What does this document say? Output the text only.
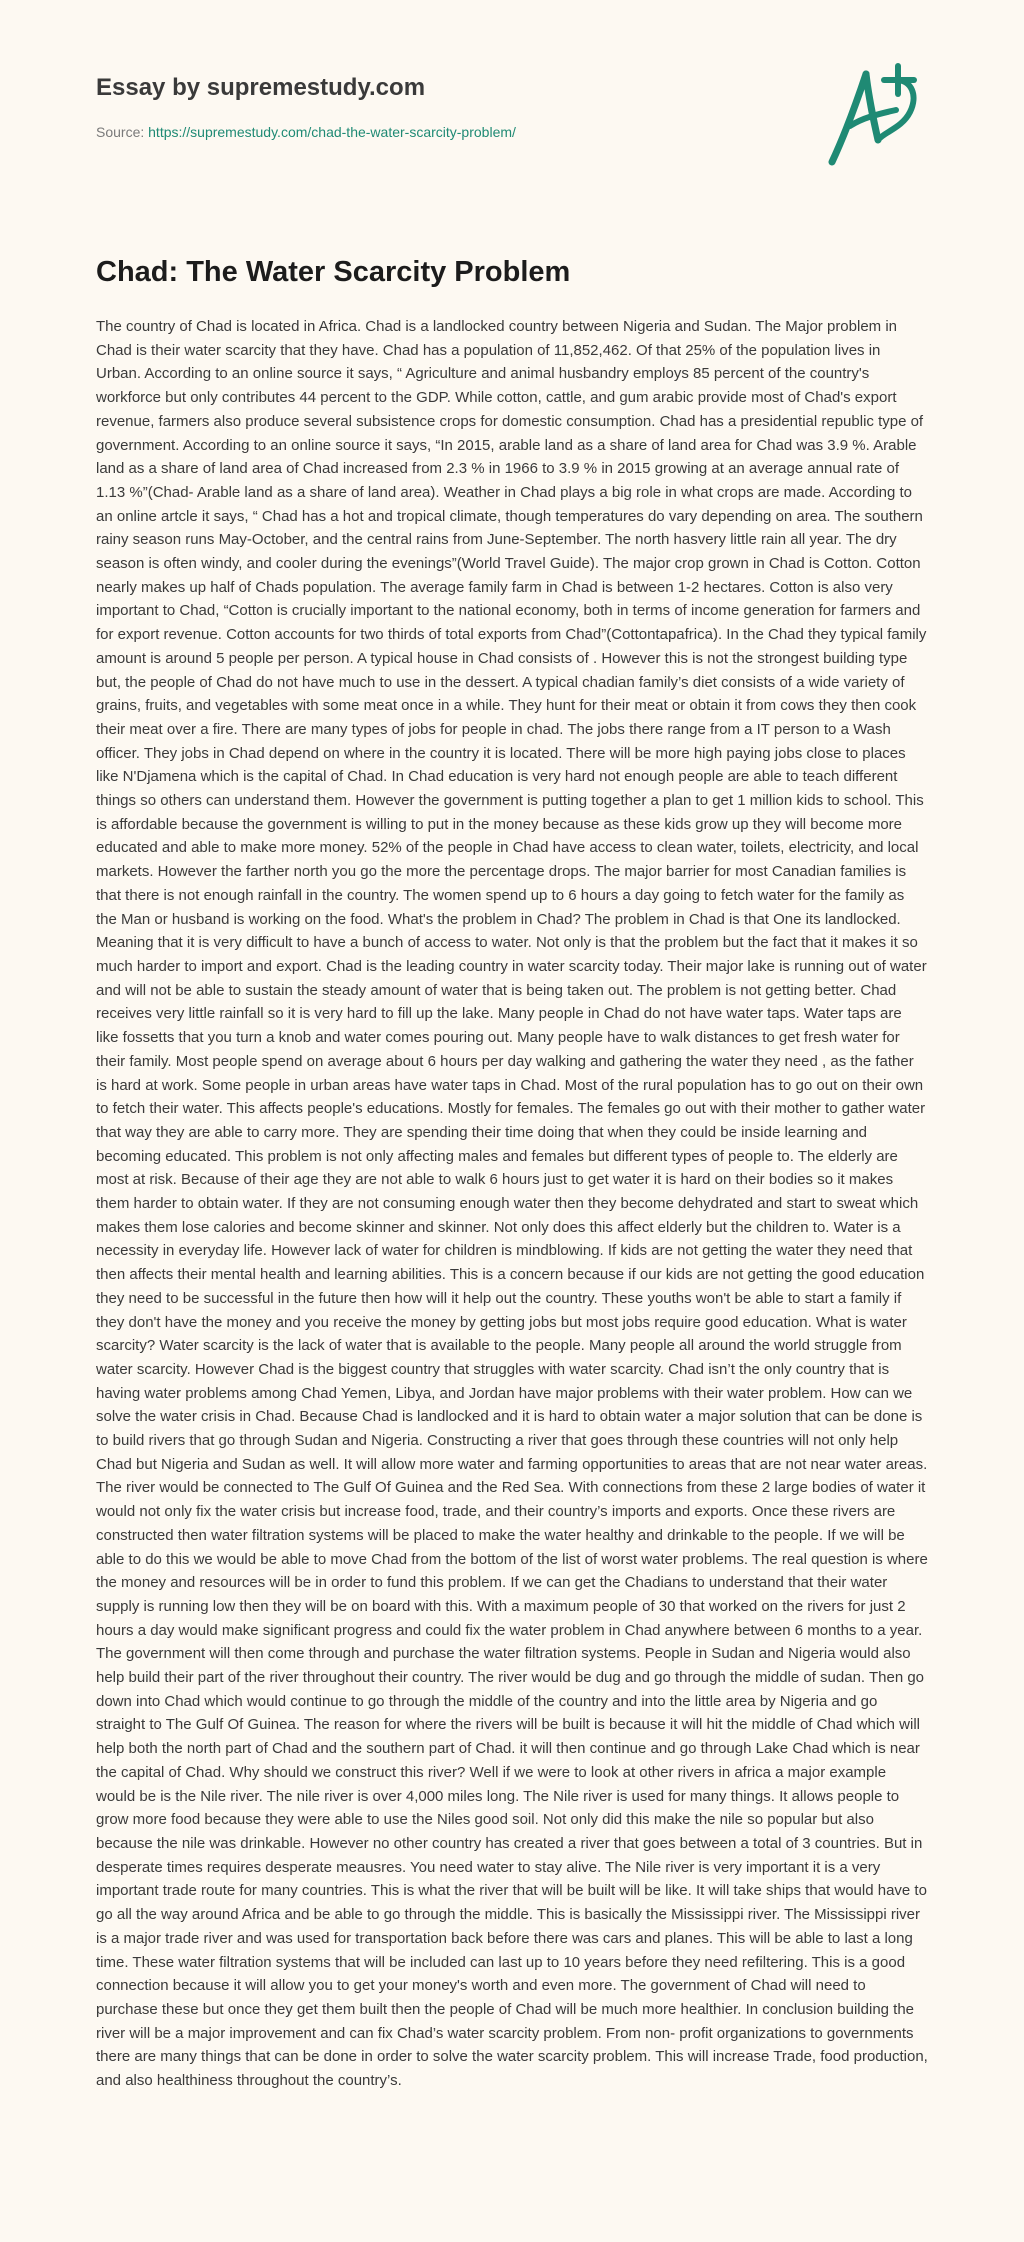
Essay by supremestudy.com
Source: https://supremestudy.com/chad-the-water-scarcity-problem/
Chad: The Water Scarcity Problem

The country of Chad is located in Africa. Chad is a landlocked country between Nigeria and Sudan. The Major problem in Chad is their water scarcity that they have. Chad has a population of 11,852,462. Of that 25% of the population lives in Urban. According to an online source it says, “ Agriculture and animal husbandry employs 85 percent of the country's workforce but only contributes 44 percent to the GDP. While cotton, cattle, and gum arabic provide most of Chad's export revenue, farmers also produce several subsistence crops for domestic consumption. Chad has a presidential republic type of government. According to an online source it says, “In 2015, arable land as a share of land area for Chad was 3.9 %. Arable land as a share of land area of Chad increased from 2.3 % in 1966 to 3.9 % in 2015 growing at an average annual rate of 1.13 %”(Chad- Arable land as a share of land area). Weather in Chad plays a big role in what crops are made. According to an online artcle it says, “ Chad has a hot and tropical climate, though temperatures do vary depending on area. The southern rainy season runs May-October, and the central rains from June-September. The north hasvery little rain all year. The dry season is often windy, and cooler during the evenings”(World Travel Guide). The major crop grown in Chad is Cotton. Cotton nearly makes up half of Chads population. The average family farm in Chad is between 1-2 hectares. Cotton is also very important to Chad, “Cotton is crucially important to the national economy, both in terms of income generation for farmers and for export revenue. Cotton accounts for two thirds of total exports from Chad”(Cottontapafrica). In the Chad they typical family amount is around 5 people per person. A typical house in Chad consists of . However this is not the strongest building type but, the people of Chad do not have much to use in the dessert. A typical chadian family’s diet consists of a wide variety of grains, fruits, and vegetables with some meat once in a while. They hunt for their meat or obtain it from cows they then cook their meat over a fire. There are many types of jobs for people in chad. The jobs there range from a IT person to a Wash officer. They jobs in Chad depend on where in the country it is located. There will be more high paying jobs close to places like N'Djamena which is the capital of Chad. In Chad education is very hard not enough people are able to teach different things so others can understand them. However the government is putting together a plan to get 1 million kids to school. This is affordable because the government is willing to put in the money because as these kids grow up they will become more educated and able to make more money. 52% of the people in Chad have access to clean water, toilets, electricity, and local markets. However the farther north you go the more the percentage drops. The major barrier for most Canadian families is that there is not enough rainfall in the country. The women spend up to 6 hours a day going to fetch water for the family as the Man or husband is working on the food. What's the problem in Chad? The problem in Chad is that One its landlocked. Meaning that it is very difficult to have a bunch of access to water. Not only is that the problem but the fact that it makes it so much harder to import and export. Chad is the leading country in water scarcity today. Their major lake is running out of water and will not be able to sustain the steady amount of water that is being taken out. The problem is not getting better. Chad receives very little rainfall so it is very hard to fill up the lake. Many people in Chad do not have water taps. Water taps are like fossetts that you turn a knob and water comes pouring out. Many people have to walk distances to get fresh water for their family. Most people spend on average about 6 hours per day walking and gathering the water they need , as the father is hard at work. Some people in urban areas have water taps in Chad. Most of the rural population has to go out on their own to fetch their water. This affects people's educations. Mostly for females. The females go out with their mother to gather water that way they are able to carry more. They are spending their time doing that when they could be inside learning and becoming educated. This problem is not only affecting males and females but different types of people to. The elderly are most at risk. Because of their age they are not able to walk 6 hours just to get water it is hard on their bodies so it makes them harder to obtain water. If they are not consuming enough water then they become dehydrated and start to sweat which makes them lose calories and become skinner and skinner. Not only does this affect elderly but the children to. Water is a necessity in everyday life. However lack of water for children is mindblowing. If kids are not getting the water they need that then affects their mental health and learning abilities. This is a concern because if our kids are not getting the good education they need to be successful in the future then how will it help out the country. These youths won't be able to start a family if they don't have the money and you receive the money by getting jobs but most jobs require good education. What is water scarcity? Water scarcity is the lack of water that is available to the people. Many people all around the world struggle from water scarcity. However Chad is the biggest country that struggles with water scarcity. Chad isn’t the only country that is having water problems among Chad Yemen, Libya, and Jordan have major problems with their water problem. How can we solve the water crisis in Chad. Because Chad is landlocked and it is hard to obtain water a major solution that can be done is to build rivers that go through Sudan and Nigeria. Constructing a river that goes through these countries will not only help Chad but Nigeria and Sudan as well. It will allow more water and farming opportunities to areas that are not near water areas. The river would be connected to The Gulf Of Guinea and the Red Sea. With connections from these 2 large bodies of water it would not only fix the water crisis but increase food, trade, and their country’s imports and exports. Once these rivers are constructed then water filtration systems will be placed to make the water healthy and drinkable to the people. If we will be able to do this we would be able to move Chad from the bottom of the list of worst water problems. The real question is where the money and resources will be in order to fund this problem. If we can get the Chadians to understand that their water supply is running low then they will be on board with this. With a maximum people of 30 that worked on the rivers for just 2 hours a day would make significant progress and could fix the water problem in Chad anywhere between 6 months to a year. The government will then come through and purchase the water filtration systems. People in Sudan and Nigeria would also help build their part of the river throughout their country. The river would be dug and go through the middle of sudan. Then go down into Chad which would continue to go through the middle of the country and into the little area by Nigeria and go straight to The Gulf Of Guinea. The reason for where the rivers will be built is because it will hit the middle of Chad which will help both the north part of Chad and the southern part of Chad. it will then continue and go through Lake Chad which is near the capital of Chad. Why should we construct this river? Well if we were to look at other rivers in africa a major example would be is the Nile river. The nile river is over 4,000 miles long. The Nile river is used for many things. It allows people to grow more food because they were able to use the Niles good soil. Not only did this make the nile so popular but also because the nile was drinkable. However no other country has created a river that goes between a total of 3 countries. But in desperate times requires desperate meausres. You need water to stay alive. The Nile river is very important it is a very important trade route for many countries. This is what the river that will be built will be like. It will take ships that would have to go all the way around Africa and be able to go through the middle. This is basically the Mississippi river. The Mississippi river is a major trade river and was used for transportation back before there was cars and planes. This will be able to last a long time. These water filtration systems that will be included can last up to 10 years before they need refiltering. This is a good connection because it will allow you to get your money's worth and even more. The government of Chad will need to purchase these but once they get them built then the people of Chad will be much more healthier. In conclusion building the river will be a major improvement and can fix Chad’s water scarcity problem. From non- profit organizations to governments there are many things that can be done in order to solve the water scarcity problem. This will increase Trade, food production, and also healthiness throughout the country’s.
